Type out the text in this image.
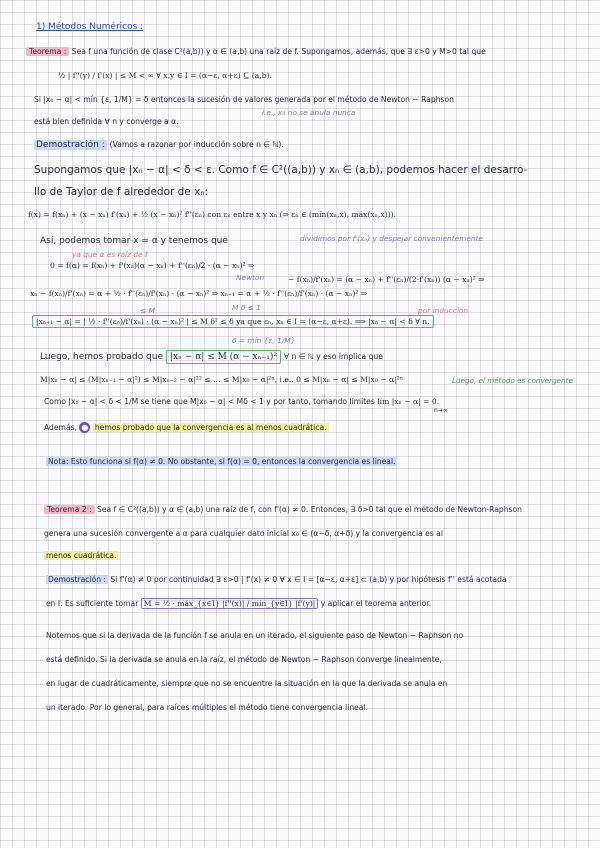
1) Métodos Numéricos :
Teorema : Sea f una función de clase C²(a,b)) y α ∈ (a,b) una raíz de f. Supongamos, además, que ∃ ε>0 y M>0 tal que
½ | f''(y) / f'(x) | ≤ M < ∞ ∀ x,y ∈ I = (α−ε, α+ε) ⊆ (a,b).
Si |x₀ − α| < mín {ε, 1/M} = δ entonces la sucesión de valores generada por el método de Newton − Raphson
i.e., x₀ no se anula nunca
está bien definida ∀ n y converge a α.
Demostración : (Vamos a razonar por inducción sobre n ∈ ℕ).
Supongamos que |xₙ − α| < δ < ε. Como f ∈ C²((a,b)) y xₙ ∈ (a,b), podemos hacer el desarro-
llo de Taylor de f alrededor de xₙ:
f(x) = f(xₙ) + (x − xₙ) f'(xₙ) + ½ (x − xₙ)² f''(εₙ) con εₙ entre x y xₙ (⇒ εₙ ∈ (mín(xₙ,x), máx(xₙ,x))).
Así, podemos tomar x = α y tenemos que	dividimos por f'(xₙ) y despejar convenientemente
ya que α es raíz de f
0 = f(α) = f(xₙ) + f'(xₙ)(α − xₙ) + f''(εₙ)/2 · (α − xₙ)² ⇒
− f(xₙ)/f'(xₙ) = (α − xₙ) + f''(εₙ)/(2·f'(xₙ)) (α − xₙ)² ⇒
Newton
xₙ − f(xₙ)/f'(xₙ) = α + ½ · f''(εₙ)/f'(xₙ) · (α − xₙ)² ⇒ xₙ₊₁ = α + ½ · f''(εₙ)/f'(xₙ) · (α − xₙ)² ⇒
≤ M	M δ ≤ 1	por inducción
|xₙ₊₁ − α| = | ½ · f''(εₙ)/f'(xₙ) · (α − xₙ)² | ≤ M δ² ≤ δ ya que εₙ, xₙ ∈ I = (α−ε, α+ε). ⟹ |xₙ − α| < δ ∀ n.
δ = mín {ε, 1/M}
Luego, hemos probado que |xₙ − α| ≤ M (α − xₙ₋₁)² ∀ n ∈ ℕ y eso implica que
M|xₙ − α| ≤ (M|xₙ₋₁ − α|²) ≤ M|xₙ₋₂ − α|²² ≤ … ≤ M|x₀ − α|²ⁿ, i.e., 0 ≤ M|xₙ − α| ≤ M|x₀ − α|²ⁿ	Luego, el método es convergente
Como |x₀ − α| < δ < 1/M se tiene que M|x₀ − α| < Mδ < 1 y por tanto, tomando límites lím |xₙ − α| = 0.
n→∞
Además, ● hemos probado que la convergencia es al menos cuadrática.
Nota: Esto funciona si f(α) ≠ 0. No obstante, si f(α) = 0, entonces la convergencia es lineal.
Teorema 2 : Sea f ∈ C²((a,b)) y α ∈ (a,b) una raíz de f, con f'(α) ≠ 0. Entonces, ∃ δ>0 tal que el método de Newton-Raphson
genera una sucesión convergente a α para cualquier dato inicial x₀ ∈ (α−δ, α+δ) y la convergencia es al
menos cuadrática.
Demostración : Si f'(α) ≠ 0 por continuidad ∃ ε>0 | f'(x) ≠ 0 ∀ x ∈ I = [α−ε, α+ε] ⊂ (a,b) y por hipótesis f'' está acotada
en I. Es suficiente tomar M = ½ · máx_{x∈I} |f''(x)| / mín_{y∈I} |f'(y)| y aplicar el teorema anterior.
Notemos que si la derivada de la función f se anula en un iterado, el siguiente paso de Newton − Raphson no
está definido. Si la derivada se anula en la raíz, el método de Newton − Raphson converge linealmente,
en lugar de cuadráticamente, siempre que no se encuentre la situación en la que la derivada se anula en
un iterado. Por lo general, para raíces múltiples el método tiene convergencia lineal.
